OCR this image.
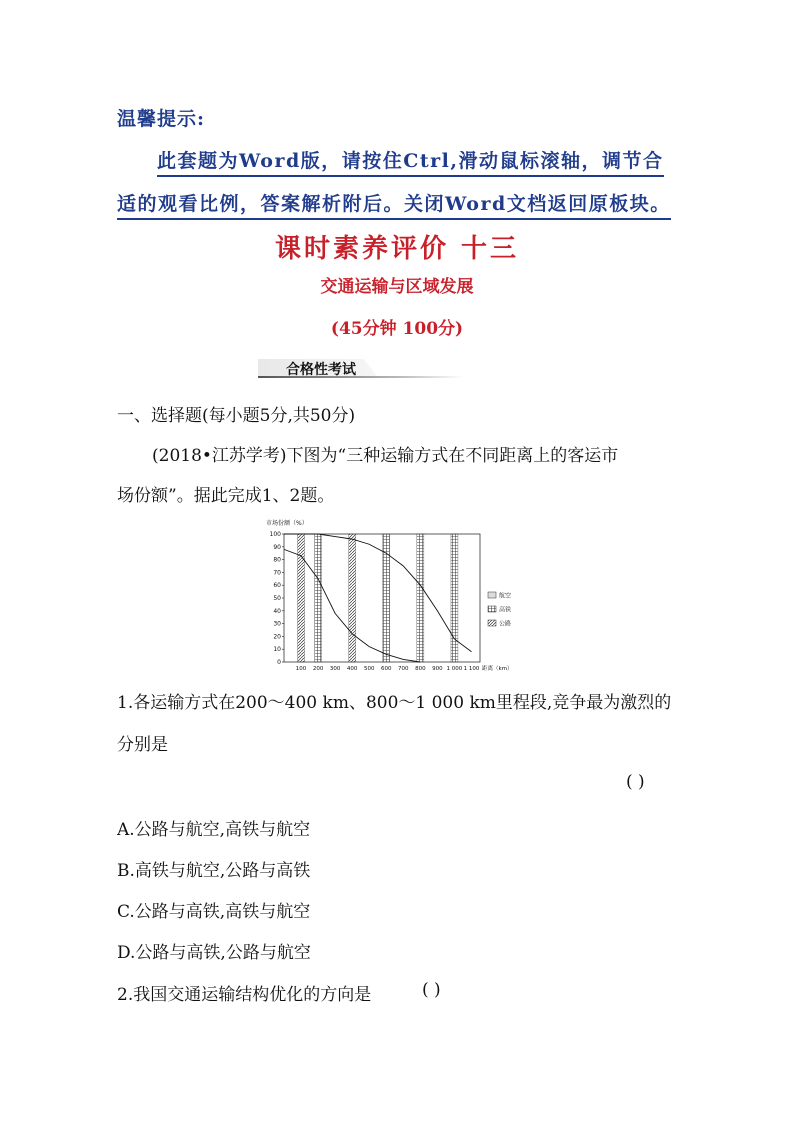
温馨提示:
此套题为Word版，请按住Ctrl,滑动鼠标滚轴，调节合
适的观看比例，答案解析附后。关闭Word文档返回原板块。
课时素养评价 十三
交通运输与区域发展
(45分钟 100分)
合格性考试
一、选择题(每小题5分,共50分)
(2018•江苏学考)下图为“三种运输方式在不同距离上的客运市
场份额”。据此完成1、2题。
市场份额（%）
0
10
20
30
40
50
60
70
80
90
100
100 200 300 400 500 600 700 800 900 1 000 1 100 距离（km）
航空
高铁
公路
1.各运输方式在200～400 km、800～1 000 km里程段,竞争最为激烈的
分别是
( )
A.公路与航空,高铁与航空
B.高铁与航空,公路与高铁
C.公路与高铁,高铁与航空
D.公路与高铁,公路与航空
2.我国交通运输结构优化的方向是	( )
